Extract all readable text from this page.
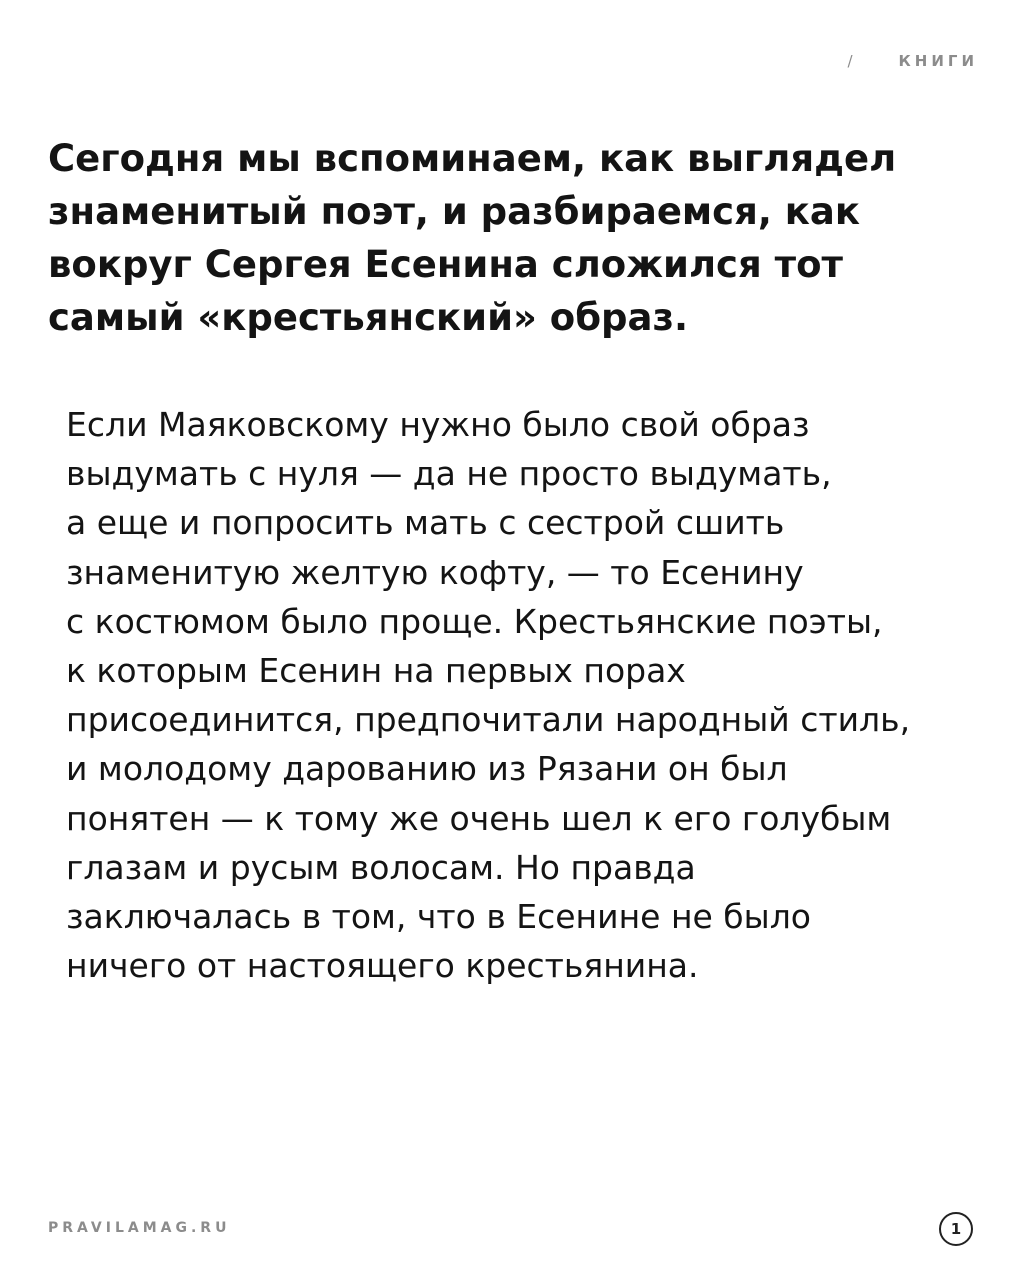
/	КНИГИ
Сегодня мы вспоминаем, как выглядел знаменитый поэт, и разбираемся, как вокруг Сергея Есенина сложился тот самый «крестьянский» образ.
Если Маяковскому нужно было свой образ
выдумать с нуля — да не просто выдумать,
а еще и попросить мать с сестрой сшить
знаменитую желтую кофту, — то Есенину
с костюмом было проще. Крестьянские поэты,
к которым Есенин на первых порах
присоединится, предпочитали народный стиль,
и молодому дарованию из Рязани он был
понятен — к тому же очень шел к его голубым
глазам и русым волосам. Но правда
заключалась в том, что в Есенине не было
ничего от настоящего крестьянина.
PRAVILAMAG.RU	1
